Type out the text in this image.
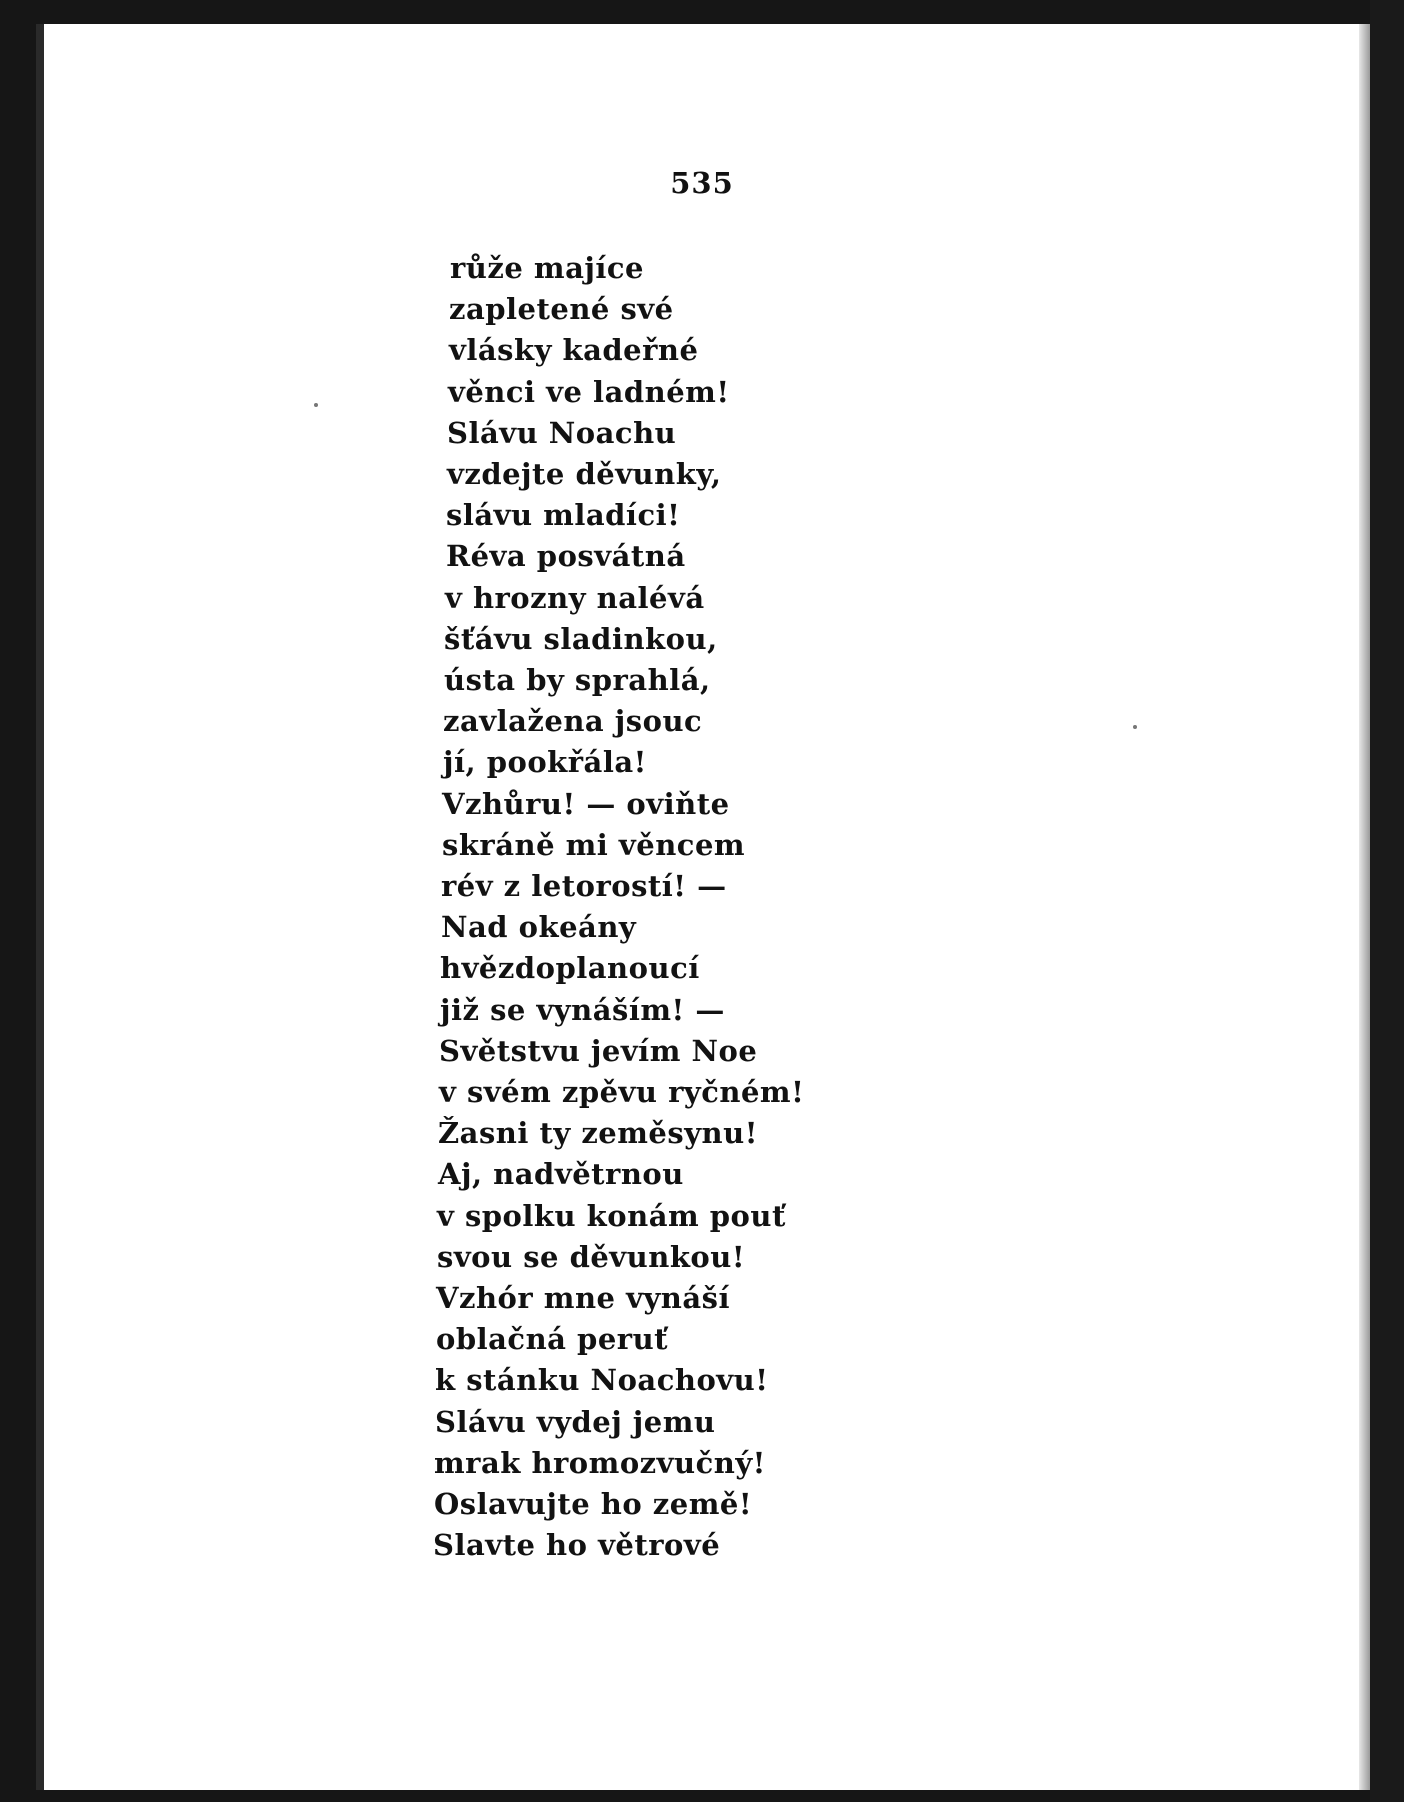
535
růže majíce
zapletené své
vlásky kadeřné
věnci ve ladném!
Slávu Noachu
vzdejte děvunky,
slávu mladíci!
Réva posvátná
v hrozny nalévá
šťávu sladinkou,
ústa by sprahlá,
zavlažena jsouc
jí, pookřála!
Vzhůru! — oviňte
skráně mi věncem
rév z letorostí! —
Nad okeány
hvězdoplanoucí
již se vynáším! —
Světstvu jevím Noe
v svém zpěvu ryčném!
Žasni ty zeměsynu!
Aj, nadvětrnou
v spolku konám pouť
svou se děvunkou!
Vzhór mne vynáší
oblačná peruť
k stánku Noachovu!
Slávu vydej jemu
mrak hromozvučný!
Oslavujte ho země!
Slavte ho větrové
